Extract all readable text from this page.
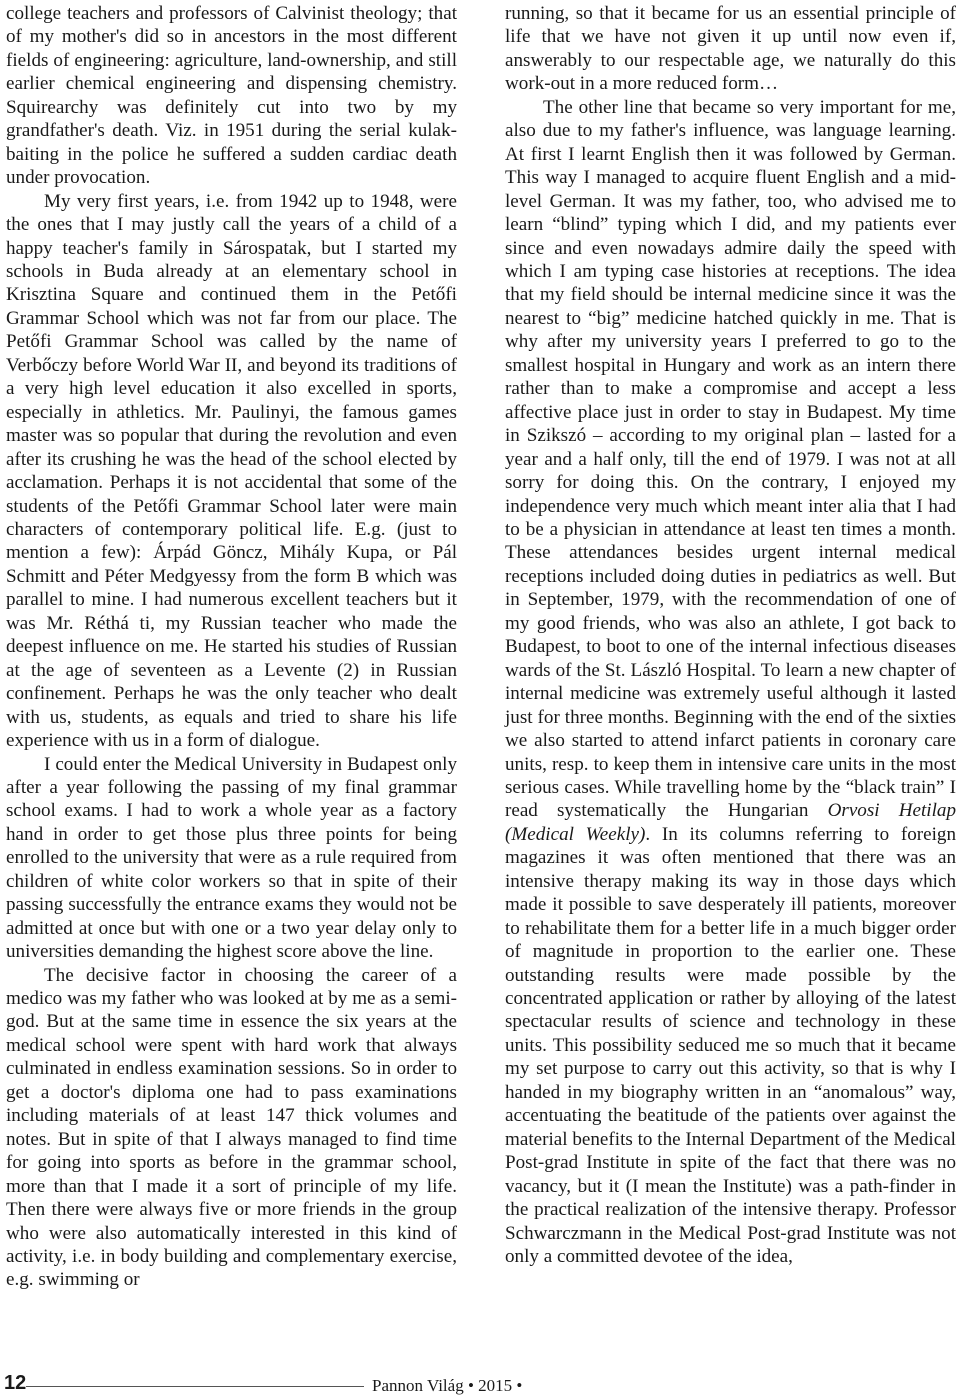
college teachers and professors of Calvinist theology; that of my mother's did so in ancestors in the most different fields of engineering: agriculture, land-ownership, and still earlier chemical engineering and dispensing chemistry. Squirearchy was definitely cut into two by my grandfather's death. Viz. in 1951 during the serial kulak-baiting in the police he suffered a sudden cardiac death under provocation.

My very first years, i.e. from 1942 up to 1948, were the ones that I may justly call the years of a child of a happy teacher's family in Sárospatak, but I started my schools in Buda already at an elementary school in Krisztina Square and continued them in the Petőfi Grammar School which was not far from our place. The Petőfi Grammar School was called by the name of Verbőczy before World War II, and beyond its traditions of a very high level education it also excelled in sports, especially in athletics. Mr. Paulinyi, the famous games master was so popular that during the revolution and even after its crushing he was the head of the school elected by acclamation. Perhaps it is not accidental that some of the students of the Petőfi Grammar School later were main characters of contemporary political life. E.g. (just to mention a few): Árpád Göncz, Mihály Kupa, or Pál Schmitt and Péter Medgyessy from the form B which was parallel to mine. I had numerous excellent teachers but it was Mr. Réthá ti, my Russian teacher who made the deepest influence on me. He started his studies of Russian at the age of seventeen as a Levente (2) in Russian confinement. Perhaps he was the only teacher who dealt with us, students, as equals and tried to share his life experience with us in a form of dialogue.

I could enter the Medical University in Budapest only after a year following the passing of my final grammar school exams. I had to work a whole year as a factory hand in order to get those plus three points for being enrolled to the university that were as a rule required from children of white color workers so that in spite of their passing successfully the entrance exams they would not be admitted at once but with one or a two year delay only to universities demanding the highest score above the line.

The decisive factor in choosing the career of a medico was my father who was looked at by me as a semi-god. But at the same time in essence the six years at the medical school were spent with hard work that always culminated in endless examination sessions. So in order to get a doctor's diploma one had to pass examinations including materials of at least 147 thick volumes and notes. But in spite of that I always managed to find time for going into sports as before in the grammar school, more than that I made it a sort of principle of my life. Then there were always five or more friends in the group who were also automatically interested in this kind of activity, i.e. in body building and complementary exercise, e.g. swimming or

running, so that it became for us an essential principle of life that we have not given it up until now even if, answerably to our respectable age, we naturally do this work-out in a more reduced form…

The other line that became so very important for me, also due to my father's influence, was language learning. At first I learnt English then it was followed by German. This way I managed to acquire fluent English and a mid-level German. It was my father, too, who advised me to learn “blind” typing which I did, and my patients ever since and even nowadays admire daily the speed with which I am typing case histories at receptions. The idea that my field should be internal medicine since it was the nearest to “big” medicine hatched quickly in me. That is why after my university years I preferred to go to the smallest hospital in Hungary and work as an intern there rather than to make a compromise and accept a less affective place just in order to stay in Budapest. My time in Szikszó – according to my original plan – lasted for a year and a half only, till the end of 1979. I was not at all sorry for doing this. On the contrary, I enjoyed my independence very much which meant inter alia that I had to be a physician in attendance at least ten times a month. These attendances besides urgent internal medical receptions included doing duties in pediatrics as well. But in September, 1979, with the recommendation of one of my good friends, who was also an athlete, I got back to Budapest, to boot to one of the internal infectious diseases wards of the St. László Hospital. To learn a new chapter of internal medicine was extremely useful although it lasted just for three months. Beginning with the end of the sixties we also started to attend infarct patients in coronary care units, resp. to keep them in intensive care units in the most serious cases. While travelling home by the “black train” I read systematically the Hungarian Orvosi Hetilap (Medical Weekly). In its columns referring to foreign magazines it was often mentioned that there was an intensive therapy making its way in those days which made it possible to save desperately ill patients, moreover to rehabilitate them for a better life in a much bigger order of magnitude in proportion to the earlier one. These outstanding results were made possible by the concentrated application or rather by alloying of the latest spectacular results of science and technology in these units. This possibility seduced me so much that it became my set purpose to carry out this activity, so that is why I handed in my biography written in an “anomalous” way, accentuating the beatitude of the patients over against the material benefits to the Internal Department of the Medical Post-grad Institute in spite of the fact that there was no vacancy, but it (I mean the Institute) was a path-finder in the practical realization of the intensive therapy. Professor Schwarczmann in the Medical Post-grad Institute was not only a committed devotee of the idea,

12	Pannon Világ • 2015 •
